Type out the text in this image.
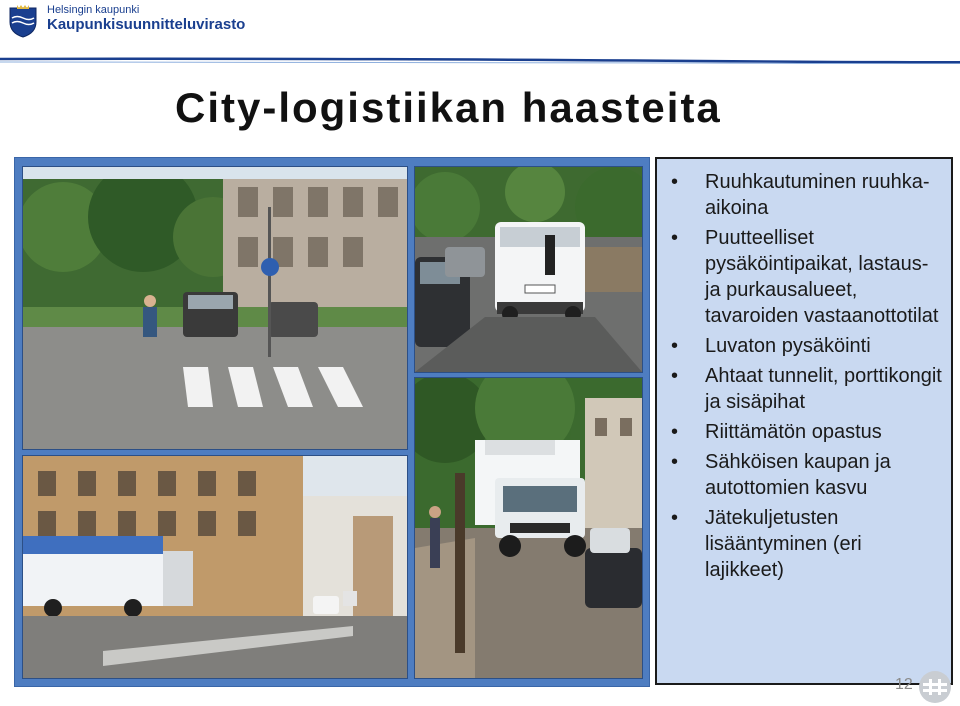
Helsingin kaupunki
Kaupunkisuunnitteluvirasto
City-logistiikan haasteita
• Ruuhkautuminen ruuhka-aikoina
• Puutteelliset pysäköintipaikat, lastaus- ja purkausalueet, tavaroiden vastaanottotilat
• Luvaton pysäköinti
• Ahtaat tunnelit, porttikongit ja sisäpihat
• Riittämätön opastus
• Sähköisen kaupan ja autottomien kasvu
• Jätekuljetusten lisääntyminen (eri lajikkeet)
12
